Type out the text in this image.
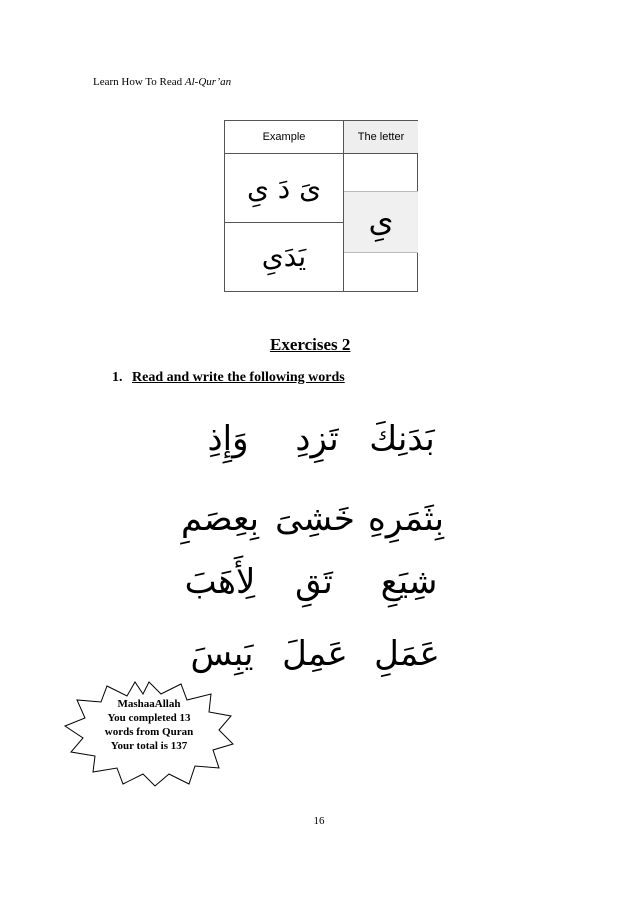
Learn How To Read Al-Qur’an
Example	The letter
یَ دَ یِ
یَدَیِ
یِ
Exercises 2
1. Read and write the following words
بَدَنِكَ
تَزِدِ
وَإِذِ
بِثَمَرِهِ
خَشِیَ
بِعِصَمِ
شِیَعِ
تَقِ
لِأَهَبَ
عَمَلِ
عَمِلَ
یَبِسَ
MashaaAllah
You completed 13
words from Quran
Your total is 137
16
